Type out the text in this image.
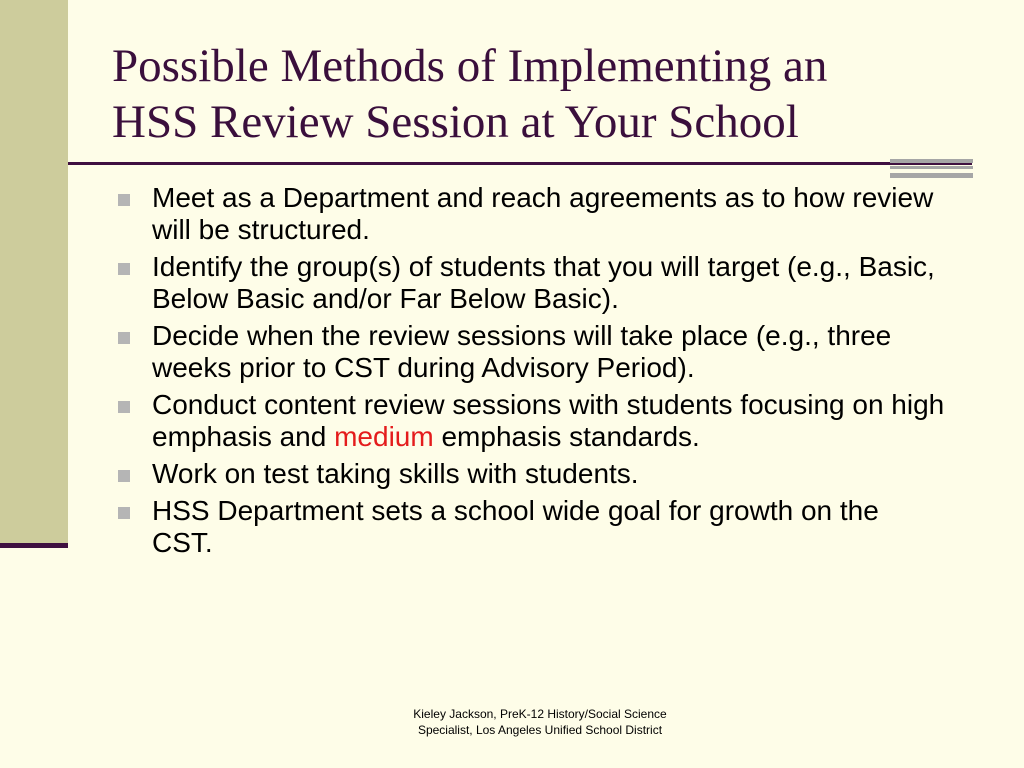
Possible Methods of Implementing an
HSS Review Session at Your School
Meet as a Department and reach agreements as to how review will be structured.
Identify the group(s) of students that you will target (e.g., Basic, Below Basic and/or Far Below Basic).
Decide when the review sessions will take place (e.g., three weeks prior to CST during Advisory Period).
Conduct content review sessions with students focusing on high emphasis and medium emphasis standards.
Work on test taking skills with students.
HSS Department sets a school wide goal for growth on the CST.
Kieley Jackson, PreK-12 History/Social Science
Specialist, Los Angeles Unified School District
